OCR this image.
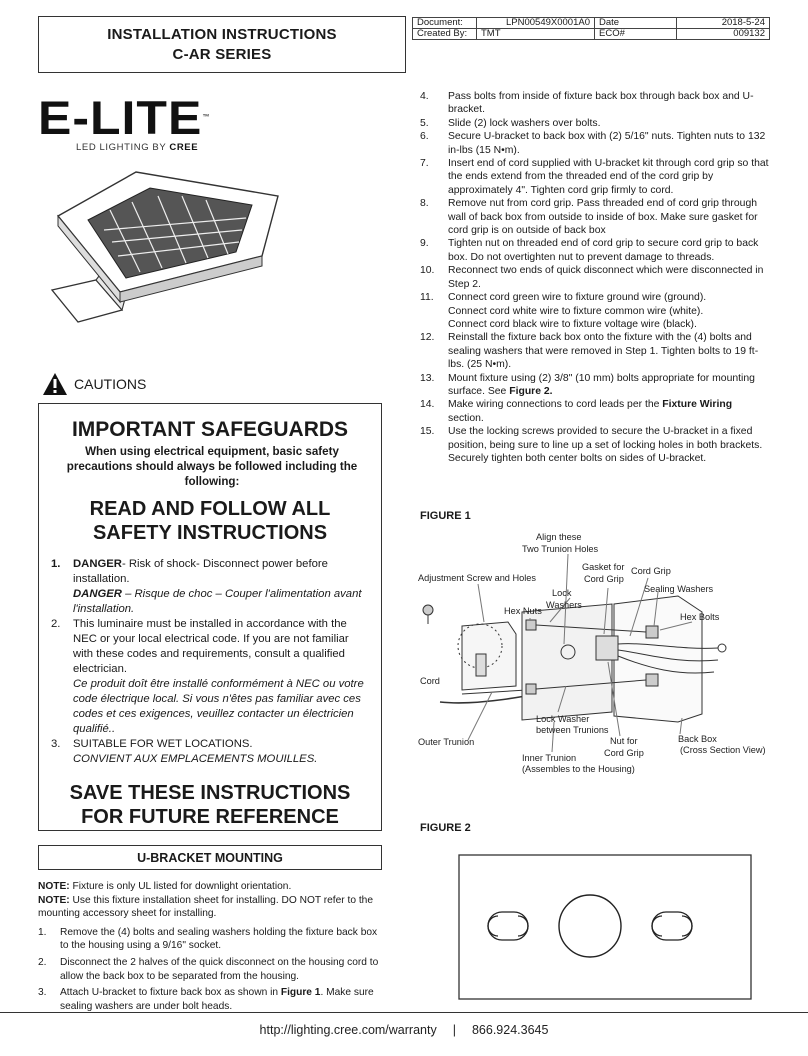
INSTALLATION INSTRUCTIONS
C-AR SERIES
Document:	LPN00549X0001A0	Date	2018-5-24
Created By:	TMT	ECO#	009132
E-LITE™
LED LIGHTING BY CREE
CAUTIONS
IMPORTANT SAFEGUARDS
When using electrical equipment, basic safety precautions should always be followed including the following:
READ AND FOLLOW ALL SAFETY INSTRUCTIONS
1.	DANGER- Risk of shock- Disconnect power before installation.
DANGER – Risque de choc – Couper l'alimentation avant l'installation.
2.	This luminaire must be installed in accordance with the NEC or your local electrical code. If you are not familiar with these codes and requirements, consult a qualified electrician.
Ce produit doît être installé conformément à NEC ou votre code électrique local. Si vous n'êtes pas familiar avec ces codes et ces exigences, veuillez contacter un électricien qualifié..
3.	SUITABLE FOR WET LOCATIONS.
CONVIENT AUX EMPLACEMENTS MOUILLES.
SAVE THESE INSTRUCTIONS
FOR FUTURE REFERENCE
U-BRACKET MOUNTING
NOTE: Fixture is only UL listed for downlight orientation.
NOTE: Use this fixture installation sheet for installing. DO NOT refer to the mounting accessory sheet for installing.
1.	Remove the (4) bolts and sealing washers holding the fixture back box to the housing using a 9/16" socket.
2.	Disconnect the 2 halves of the quick disconnect on the housing cord to allow the back box to be separated from the housing.
3.	Attach U-bracket to fixture back box as shown in Figure 1. Make sure sealing washers are under bolt heads.
4.	Pass bolts from inside of fixture back box through back box and U-bracket.
5.	Slide (2) lock washers over bolts.
6.	Secure U-bracket to back box with (2) 5/16" nuts. Tighten nuts to 132 in-lbs (15 N•m).
7.	Insert end of cord supplied with U-bracket kit through cord grip so that the ends extend from the threaded end of the cord grip by approximately 4". Tighten cord grip firmly to cord.
8.	Remove nut from cord grip. Pass threaded end of cord grip through wall of back box from outside to inside of box. Make sure gasket for cord grip is on outside of back box
9.	Tighten nut on threaded end of cord grip to secure cord grip to back box. Do not overtighten nut to prevent damage to threads.
10.	Reconnect two ends of quick disconnect which were disconnected in Step 2.
11.	Connect cord green wire to fixture ground wire (ground).
Connect cord white wire to fixture common wire (white).
Connect cord black wire to fixture voltage wire (black).
12.	Reinstall the fixture back box onto the fixture with the (4) bolts and sealing washers that were removed in Step 1. Tighten bolts to 19 ft-lbs. (25 N•m).
13.	Mount fixture using (2) 3/8" (10 mm) bolts appropriate for mounting surface. See Figure 2.
14.	Make wiring connections to cord leads per the Fixture Wiring section.
15.	Use the locking screws provided to secure the U-bracket in a fixed position, being sure to line up a set of locking holes in both brackets. Securely tighten both center bolts on sides of U-bracket.
FIGURE 1
Align these
Two Trunion Holes
Adjustment Screw and Holes
Gasket for
Cord Grip
Cord Grip
Sealing Washers
Lock
Washers
Hex Nuts
Hex Bolts
Cord
Lock Washer
between Trunions
Outer Trunion	Nut for
Cord Grip
Back Box
(Cross Section View)
Inner Trunion
(Assembles to the Housing)
FIGURE 2
http://lighting.cree.com/warranty | 866.924.3645
